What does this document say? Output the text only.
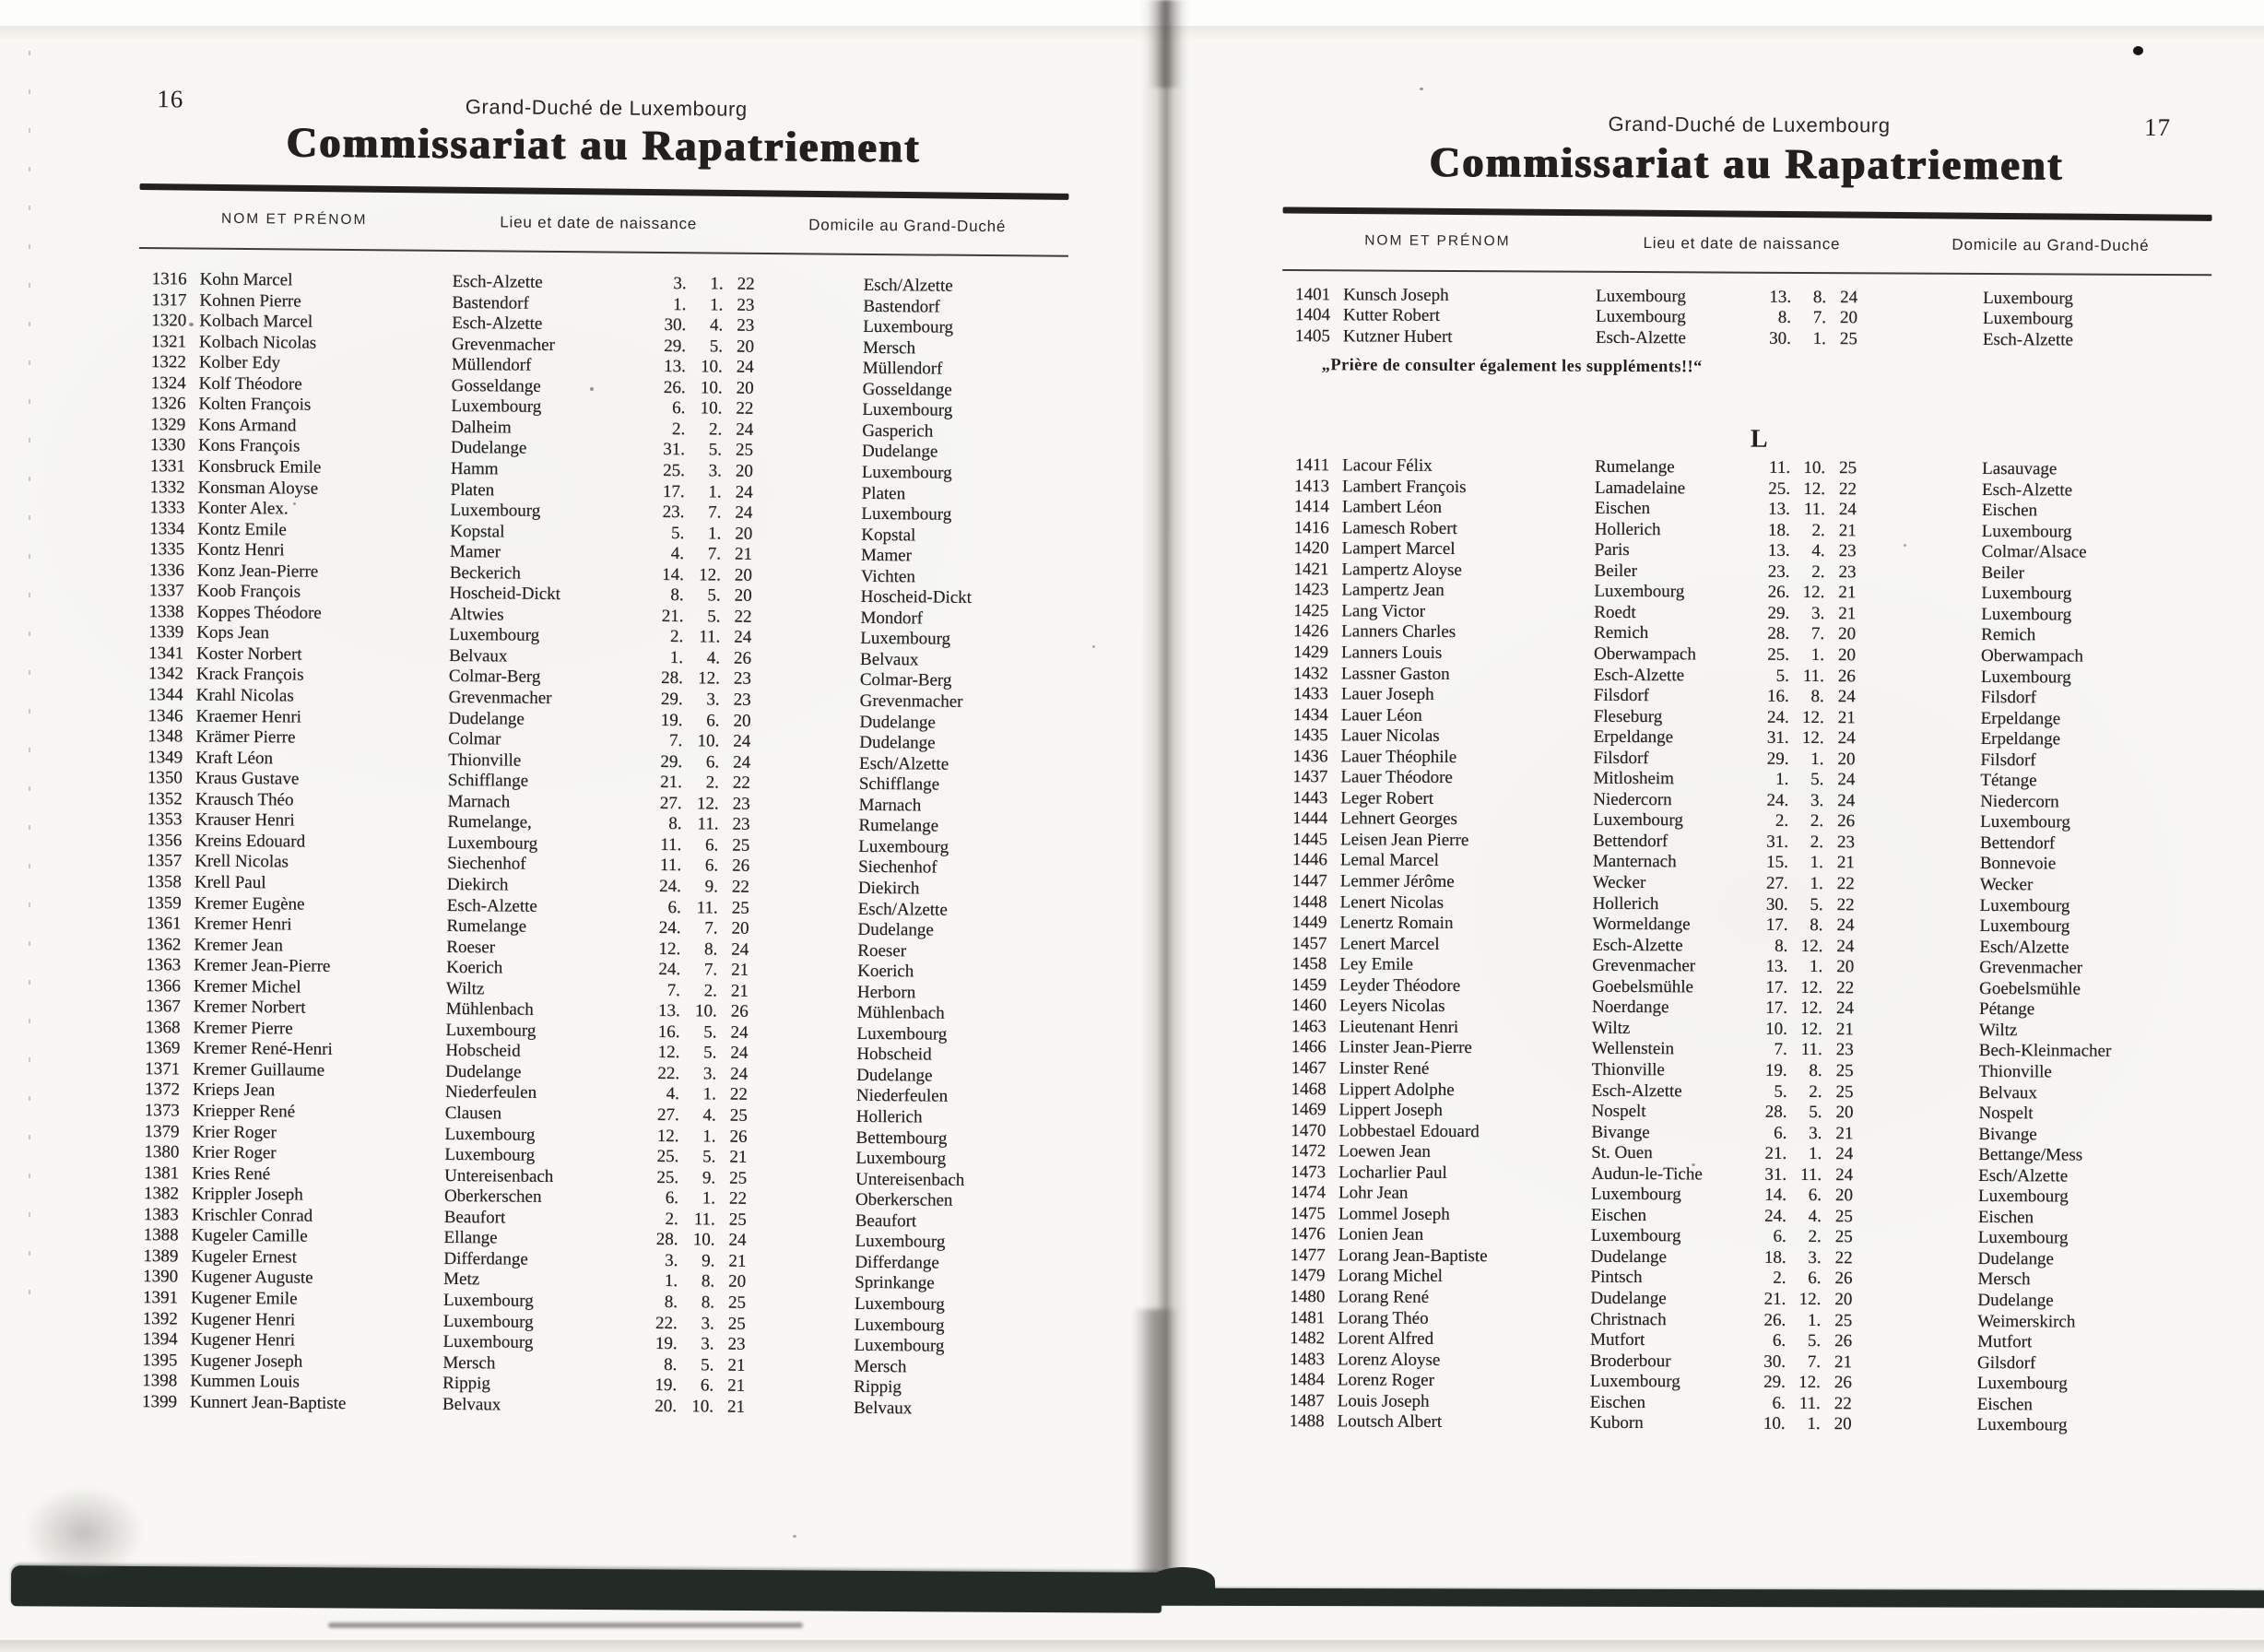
16	Grand-Duché de Luxembourg
Commissariat au Rapatriement
NOM ET PRÉNOM	Lieu et date de naissance	Domicile au Grand-Duché
1316 Kohn Marcel	Esch-Alzette	3.	1. 22	Esch/Alzette
1317 Kohnen Pierre	Bastendorf	1.	1. 23	Bastendorf
1320 Kolbach Marcel	Esch-Alzette	30.	4. 23	Luxembourg
1321 Kolbach Nicolas	Grevenmacher	29.	5. 20	Mersch
1322 Kolber Edy	Müllendorf	13. 10. 24	Müllendorf
1324 Kolf Théodore	Gosseldange	26. 10. 20	Gosseldange
1326 Kolten François	Luxembourg	6. 10. 22	Luxembourg
1329 Kons Armand	Dalheim	2.	2. 24	Gasperich
1330 Kons François	Dudelange	31.	5. 25	Dudelange
1331 Konsbruck Emile	Hamm	25.	3. 20	Luxembourg
1332 Konsman Aloyse	Platen	17.	1. 24	Platen
1333 Konter Alex.	Luxembourg	23.	7. 24	Luxembourg
1334 Kontz Emile	Kopstal	5.	1. 20	Kopstal
1335 Kontz Henri	Mamer	4.	7. 21	Mamer
1336 Konz Jean-Pierre	Beckerich	14. 12. 20	Vichten
1337 Koob François	Hoscheid-Dickt	8.	5. 20	Hoscheid-Dickt
1338 Koppes Théodore	Altwies	21.	5. 22	Mondorf
1339 Kops Jean	Luxembourg	2. 11. 24	Luxembourg
1341 Koster Norbert	Belvaux	1.	4. 26	Belvaux
1342 Krack François	Colmar-Berg	28. 12. 23	Colmar-Berg
1344 Krahl Nicolas	Grevenmacher	29.	3. 23	Grevenmacher
1346 Kraemer Henri	Dudelange	19.	6. 20	Dudelange
1348 Krämer Pierre	Colmar	7. 10. 24	Dudelange
1349 Kraft Léon	Thionville	29.	6. 24	Esch/Alzette
1350 Kraus Gustave	Schifflange	21.	2. 22	Schifflange
1352 Krausch Théo	Marnach	27. 12. 23	Marnach
1353 Krauser Henri	Rumelange,	8. 11. 23	Rumelange
1356 Kreins Edouard	Luxembourg	11.	6. 25	Luxembourg
1357 Krell Nicolas	Siechenhof	11.	6. 26	Siechenhof
1358 Krell Paul	Diekirch	24.	9. 22	Diekirch
1359 Kremer Eugène	Esch-Alzette	6. 11. 25	Esch/Alzette
1361 Kremer Henri	Rumelange	24.	7. 20	Dudelange
1362 Kremer Jean	Roeser	12.	8. 24	Roeser
1363 Kremer Jean-Pierre	Koerich	24.	7. 21	Koerich
1366 Kremer Michel	Wiltz	7.	2. 21	Herborn
1367 Kremer Norbert	Mühlenbach	13. 10. 26	Mühlenbach
1368 Kremer Pierre	Luxembourg	16.	5. 24	Luxembourg
1369 Kremer René-Henri	Hobscheid	12.	5. 24	Hobscheid
1371 Kremer Guillaume	Dudelange	22.	3. 24	Dudelange
1372 Krieps Jean	Niederfeulen	4.	1. 22	Niederfeulen
1373 Kriepper René	Clausen	27.	4. 25	Hollerich
1379 Krier Roger	Luxembourg	12.	1. 26	Bettembourg
1380 Krier Roger	Luxembourg	25.	5. 21	Luxembourg
1381 Kries René	Untereisenbach	25.	9. 25	Untereisenbach
1382 Krippler Joseph	Oberkerschen	6.	1. 22	Oberkerschen
1383 Krischler Conrad	Beaufort	2. 11. 25	Beaufort
1388 Kugeler Camille	Ellange	28. 10. 24	Luxembourg
1389 Kugeler Ernest	Differdange	3.	9. 21	Differdange
1390 Kugener Auguste	Metz	1.	8. 20	Sprinkange
1391 Kugener Emile	Luxembourg	8.	8. 25	Luxembourg
1392 Kugener Henri	Luxembourg	22.	3. 25	Luxembourg
1394 Kugener Henri	Luxembourg	19.	3. 23	Luxembourg
1395 Kugener Joseph	Mersch	8.	5. 21	Mersch
1398 Kummen Louis	Rippig	19.	6. 21	Rippig
1399 Kunnert Jean-Baptiste	Belvaux	20. 10. 21	Belvaux
17
Grand-Duché de Luxembourg
Commissariat au Rapatriement
NOM ET PRÉNOM	Lieu et date de naissance	Domicile au Grand-Duché
1401 Kunsch Joseph	Luxembourg	13.	8. 24	Luxembourg
1404 Kutter Robert	Luxembourg	8.	7. 20	Luxembourg
1405 Kutzner Hubert	Esch-Alzette	30.	1. 25	Esch-Alzette
„Prière de consulter également les suppléments!!“
L
1411 Lacour Félix	Rumelange	11. 10. 25	Lasauvage
1413 Lambert François	Lamadelaine	25. 12. 22	Esch-Alzette
1414 Lambert Léon	Eischen	13. 11. 24	Eischen
1416 Lamesch Robert	Hollerich	18.	2. 21	Luxembourg
1420 Lampert Marcel	Paris	13.	4. 23	Colmar/Alsace
1421 Lampertz Aloyse	Beiler	23.	2. 23	Beiler
1423 Lampertz Jean	Luxembourg	26. 12. 21	Luxembourg
1425 Lang Victor	Roedt	29.	3. 21	Luxembourg
1426 Lanners Charles	Remich	28.	7. 20	Remich
1429 Lanners Louis	Oberwampach	25.	1. 20	Oberwampach
1432 Lassner Gaston	Esch-Alzette	5. 11. 26	Luxembourg
1433 Lauer Joseph	Filsdorf	16.	8. 24	Filsdorf
1434 Lauer Léon	Fleseburg	24. 12. 21	Erpeldange
1435 Lauer Nicolas	Erpeldange	31. 12. 24	Erpeldange
1436 Lauer Théophile	Filsdorf	29.	1. 20	Filsdorf
1437 Lauer Théodore	Mitlosheim	1.	5. 24	Tétange
1443 Leger Robert	Niedercorn	24.	3. 24	Niedercorn
1444 Lehnert Georges	Luxembourg	2.	2. 26	Luxembourg
1445 Leisen Jean Pierre	Bettendorf	31.	2. 23	Bettendorf
1446 Lemal Marcel	Manternach	15.	1. 21	Bonnevoie
1447 Lemmer Jérôme	Wecker	27.	1. 22	Wecker
1448 Lenert Nicolas	Hollerich	30.	5. 22	Luxembourg
1449 Lenertz Romain	Wormeldange	17.	8. 24	Luxembourg
1457 Lenert Marcel	Esch-Alzette	8. 12. 24	Esch/Alzette
1458 Ley Emile	Grevenmacher	13.	1. 20	Grevenmacher
1459 Leyder Théodore	Goebelsmühle	17. 12. 22	Goebelsmühle
1460 Leyers Nicolas	Noerdange	17. 12. 24	Pétange
1463 Lieutenant Henri	Wiltz	10. 12. 21	Wiltz
1466 Linster Jean-Pierre	Wellenstein	7. 11. 23	Bech-Kleinmacher
1467 Linster René	Thionville	19.	8. 25	Thionville
1468 Lippert Adolphe	Esch-Alzette	5.	2. 25	Belvaux
1469 Lippert Joseph	Nospelt	28.	5. 20	Nospelt
1470 Lobbestael Edouard	Bivange	6.	3. 21	Bivange
1472 Loewen Jean	St. Ouen	21.	1. 24	Bettange/Mess
1473 Locharlier Paul	Audun-le-Tiche	31. 11. 24	Esch/Alzette
1474 Lohr Jean	Luxembourg	14.	6. 20	Luxembourg
1475 Lommel Joseph	Eischen	24.	4. 25	Eischen
1476 Lonien Jean	Luxembourg	6.	2. 25	Luxembourg
1477 Lorang Jean-Baptiste	Dudelange	18.	3. 22	Dudelange
1479 Lorang Michel	Pintsch	2.	6. 26	Mersch
1480 Lorang René	Dudelange	21. 12. 20	Dudelange
1481 Lorang Théo	Christnach	26.	1. 25	Weimerskirch
1482 Lorent Alfred	Mutfort	6.	5. 26	Mutfort
1483 Lorenz Aloyse	Broderbour	30.	7. 21	Gilsdorf
1484 Lorenz Roger	Luxembourg	29. 12. 26	Luxembourg
1487 Louis Joseph	Eischen	6. 11. 22	Eischen
1488 Loutsch Albert	Kuborn	10.	1. 20	Luxembourg
